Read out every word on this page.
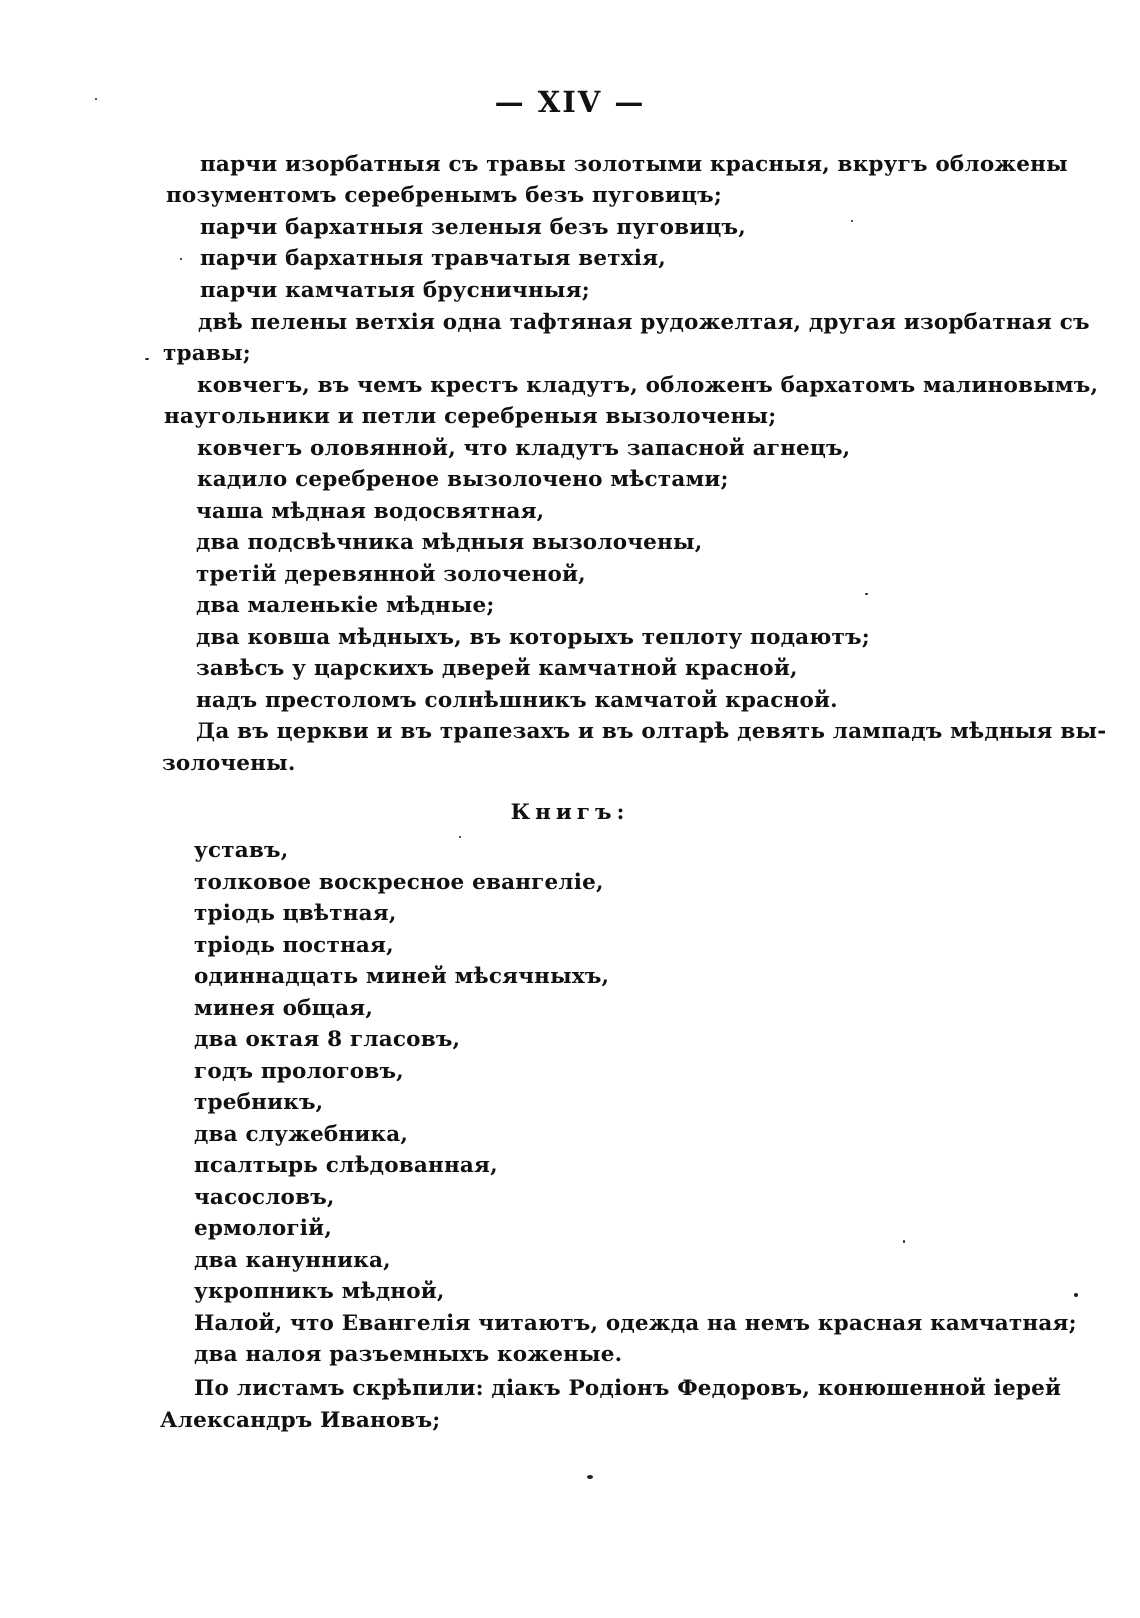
— XIV —
парчи изорбатныя съ травы золотыми красныя, вкругъ обложены
позументомъ серебренымъ безъ пуговицъ;
парчи бархатныя зеленыя безъ пуговицъ,
парчи бархатныя травчатыя ветхія,
парчи камчатыя брусничныя;
двѣ пелены ветхія одна тафтяная рудожелтая, другая изорбатная съ
травы;
ковчегъ, въ чемъ крестъ кладутъ, обложенъ бархатомъ малиновымъ,
наугольники и петли серебреныя вызолочены;
ковчегъ оловянной, что кладутъ запасной агнецъ,
кадило серебреное вызолочено мѣстами;
чаша мѣдная водосвятная,
два подсвѣчника мѣдныя вызолочены,
третій деревянной золоченой,
два маленькіе мѣдные;
два ковша мѣдныхъ, въ которыхъ теплоту подаютъ;
завѣсъ у царскихъ дверей камчатной красной,
надъ престоломъ солнѣшникъ камчатой красной.
Да въ церкви и въ трапезахъ и въ олтарѣ девять лампадъ мѣдныя вы-
золочены.
Книгъ:
уставъ,
толковое воскресное евангеліе,
тріодь цвѣтная,
тріодь постная,
одиннадцать миней мѣсячныхъ,
минея общая,
два октая 8 гласовъ,
годъ прологовъ,
требникъ,
два служебника,
псалтырь слѣдованная,
часословъ,
ермологій,
два канунника,
укропникъ мѣдной,
Налой, что Евангелія читаютъ, одежда на немъ красная камчатная;
два налоя разъемныхъ коженые.
По листамъ скрѣпили: діакъ Родіонъ Федоровъ, конюшенной іерей
Александръ Ивановъ;
